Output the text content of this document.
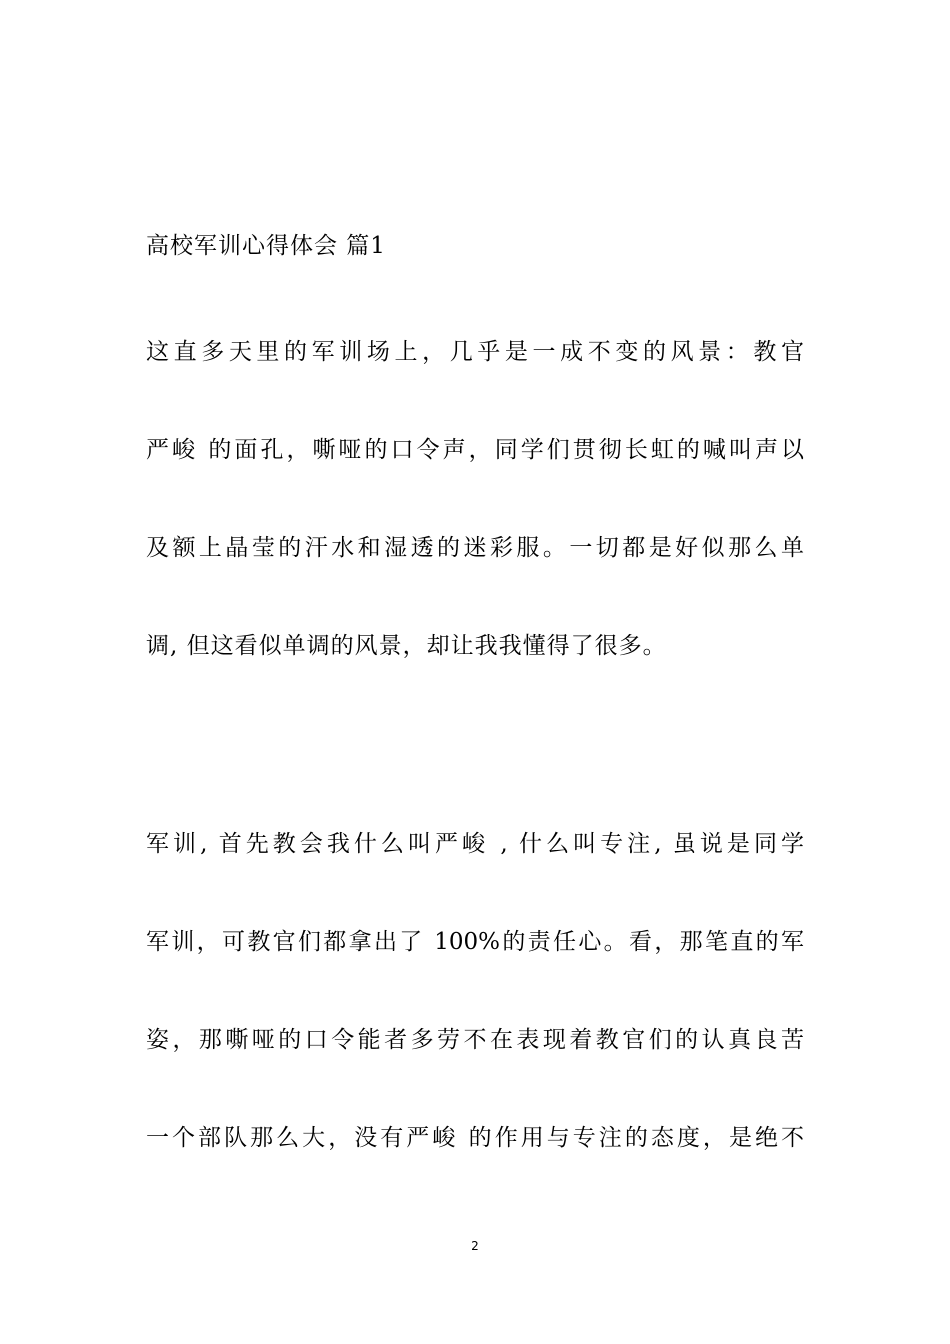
高校军训心得体会 篇1
这直多天里的军训场上，几乎是一成不变的风景：教官
严峻 的面孔，嘶哑的口令声，同学们贯彻长虹的喊叫声以
及额上晶莹的汗水和湿透的迷彩服。一切都是好似那么单
调, 但这看似单调的风景，却让我我懂得了很多。
军训, 首先教会我什么叫严峻 , 什么叫专注, 虽说是同学
军训，可教官们都拿出了 100%的责任心。看，那笔直的军
姿，那嘶哑的口令能者多劳不在表现着教官们的认真良苦
一个部队那么大，没有严峻 的作用与专注的态度，是绝不
2
